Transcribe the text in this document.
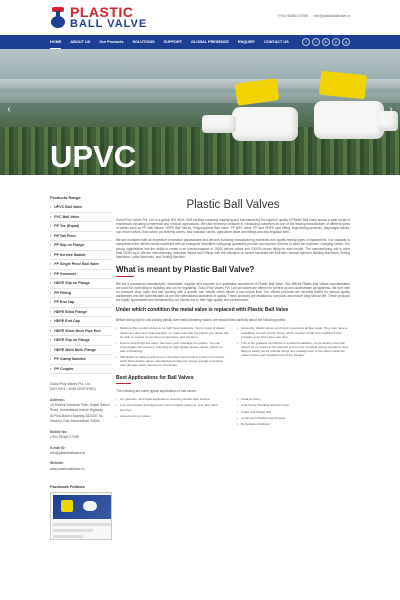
PLASTIC
BALL VALVE
(+91) 96384 07098 info@plasticballvalve.in
HOME ABOUT US Our Products SOLUTIONS SUPPORT GLOBAL PRESENCE ENQUIRY CONTACT US	f	t	in	p	g
UPVC
BALL VALVE
‹	›
Products Range
› UPVC Ball Valve
› PVC Ball Valve
› PP Tee (Equal)
› PP Tail Piece
› PP Slip on Flange
› PP Service Saddle
› PP Single Piece Ball Valve
› PP Grommet
› HDPE Slip on Flange
› PP Fitting
› PP End Cap
› HDPE Blind Flange
› HDPE End Cap
› HDPE Short Neck Pipe End
› HDPE Slip on Flange
› HDPE Weld Neck Flange
› PP Clamp Saddles
› PP Coupler
Gokul Poly Valves Pvt. Ltd.
(ISO 9001 : 2008 CERTIFIED)

Address:
18,Shreeji Industrial Park, Kujadi Bakrol
Road, Ahmedabad-Indore Highway,
At.Post-Bakrol Bujrang-382430, Ta.
Daskroi, Dist-Ahmedabad, INDIA.

Mobile No:
(+91) 96384 07098

E-mail ID:
info@plasticballvalve.in

Website:
www.plasticballvalve.in
Facebook Follows
Plastic Ball Valves

Gokul Poly Valves Pvt. Ltd. is a global ISO 9001:2008 certified company supplying and manufacturing the superior quality of Plastic Ball Valve across a wide range of businesses including commercial and medical applications. We take immense pleasure in introducing ourselves as one of the leading manufacturer of different types of valves such as PP Ball Valves, HDPE Ball Valves, Polypropylene Ball Valve, PP NRV Valve, PP and HDPE pipe fitting, engineering products, diaphragm valves, non return valves, foot valves, pp butterfly valves, flow indicator valves, agriculture valve and fittings and drip irrigation item.

We are furnished with all imperative innovation apparatuses and devices including manufacturing machines and quality testing types of equipments. Our capacity to comprehend the client's needs combined with an energized innovative workgroup guarantee provide conveyance of items to meet the business' changing needs. Our strong organization has the ability to create in an overabundance of 10000 pieces valves and 100000 pieces fitting for each month. The manufacturing unit is more than 10000 sq.ft. We are manufacturing Industrial Valves and Fittings with the utilization of current hardware like Extruder, Vertical Injection Molding Machines, Drilling Machines, Lathe Machines, and Testing Machine.

What is meant by Plastic Ball Valve?

We are a paramount manufacturer, wholesaler, supplier and exporter of a qualitative assortment of Plastic Ball Valve. Our offered Plastic Ball Valves manufacturers are used for controlling or isolating and run for regulating. Gokul Poly Valves Pvt. Ltd ball valves are offered for perfect up and downstream air tightness, full bore with no pressure drop, ease and fast opening with a quarter turn handle which allows a low torque limit. Our offered products are severely tested on various quality parameters and are authenticated as per the international standards of quality. These products are resistant to corrosion and ensure long service life. These products are highly appreciated and demanded by our clients due to their high quality and performance.

Under which condition the metal valve is replaced with Plastic Ball Valve

Before diving right in and picking plastic over metal plumbing valves, we should think carefully about the following points:

• Metal is often preferred due to its high heat resistance. Some types of plastic valves are also very heat-resistant, so make sure that the plastic you desire will be able to survive tremendous temperature and pressure.
• Ensure that things like water hammers won't damage the plastic. You can (in)vestigate this issue by selecting for high quality plastic valves, which not take a thrashing!
• Will plastic be able to endure any chemical compounds it comes into contact with? Most plastic valves manufactured today are strong enough to acquire past damage when exposed to chemicals.
• Generally, plastic valves won't look covered at all like metal. They also have a beautifully smooth interior lining, which creates a high flow coefficient and provides even flow rates over time.
• This is the greatest contributor to a failed installation, so be doubly sure that there'll be no stress to the element at any time including during operation. Red flags to watch out for include things like misalignment of the valve inside the metal system and misalignment of the flanges.
Best Applications for Ball Valves

The following are some typical applications of ball valves:

• Air, gasoline, and liquid applications requiring bubble-tight service
• Low-point drains and high-point vents in liquid, gaseous, and other fluid services
• Instrument root valves
• Catalyst Slurry
• Coal Slurry Handling Ash Removal
• Coker and Heavy Oils
• Continuous Platforming Process
• Dehydration Refinery
